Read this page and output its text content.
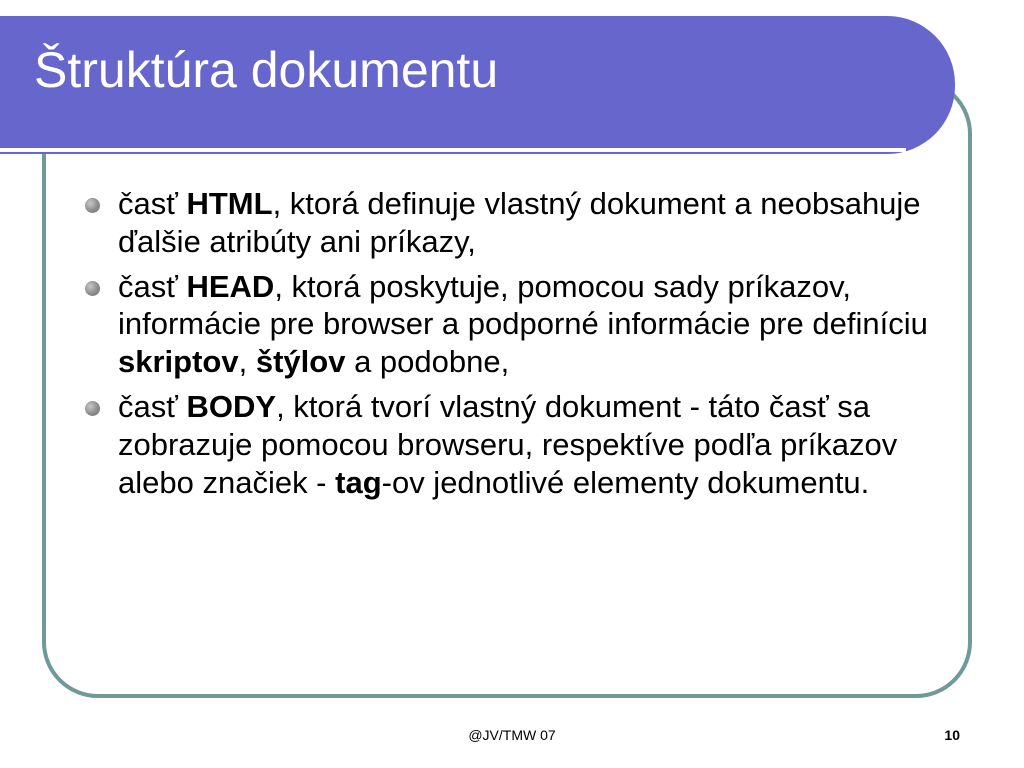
Štruktúra dokumentu
časť HTML, ktorá definuje vlastný dokument a neobsahuje ďalšie atribúty ani príkazy,
časť HEAD, ktorá poskytuje, pomocou sady príkazov, informácie pre browser a podporné informácie pre definíciu skriptov, štýlov a podobne,
časť BODY, ktorá tvorí vlastný dokument - táto časť sa zobrazuje pomocou browseru, respektíve podľa príkazov alebo značiek - tag-ov jednotlivé elementy dokumentu.
@JV/TMW 07	10
